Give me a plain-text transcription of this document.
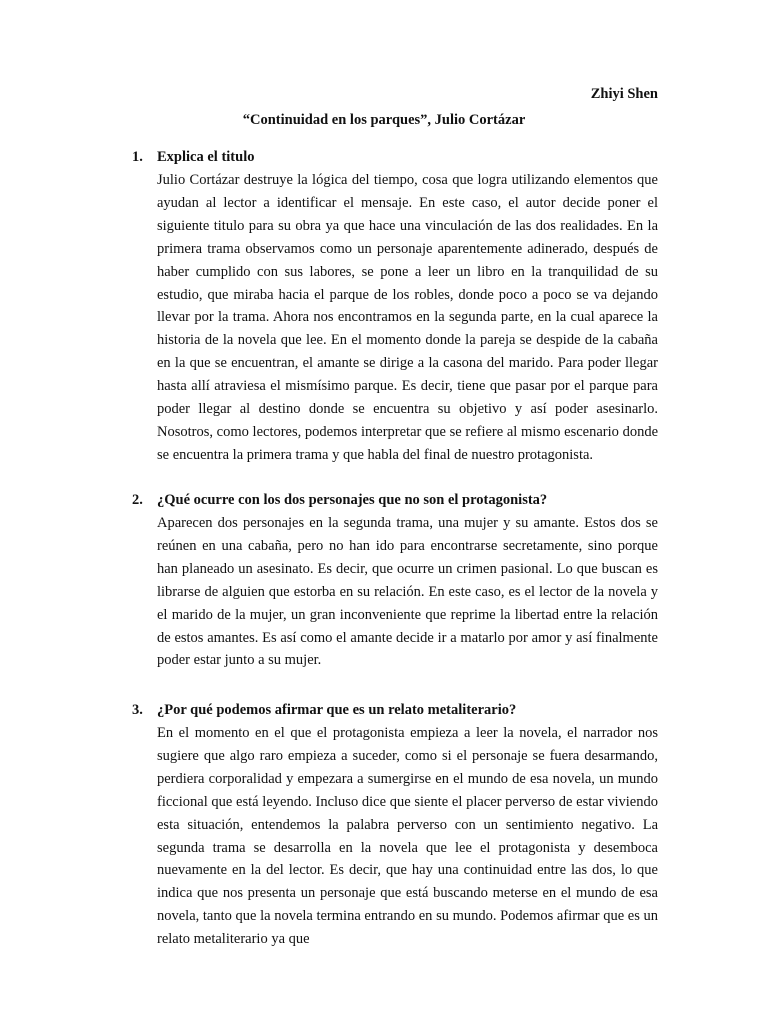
Zhiyi Shen
“Continuidad en los parques”, Julio Cortázar
1. Explica el titulo

Julio Cortázar destruye la lógica del tiempo, cosa que logra utilizando elementos que ayudan al lector a identificar el mensaje. En este caso, el autor decide poner el siguiente titulo para su obra ya que hace una vinculación de las dos realidades. En la primera trama observamos como un personaje aparentemente adinerado, después de haber cumplido con sus labores, se pone a leer un libro en la tranquilidad de su estudio, que miraba hacia el parque de los robles, donde poco a poco se va dejando llevar por la trama. Ahora nos encontramos en la segunda parte, en la cual aparece la historia de la novela que lee. En el momento donde la pareja se despide de la cabaña en la que se encuentran, el amante se dirige a la casona del marido. Para poder llegar hasta allí atraviesa el mismísimo parque. Es decir, tiene que pasar por el parque para poder llegar al destino donde se encuentra su objetivo y así poder asesinarlo. Nosotros, como lectores, podemos interpretar que se refiere al mismo escenario donde se encuentra la primera trama y que habla del final de nuestro protagonista.

2. ¿Qué ocurre con los dos personajes que no son el protagonista?

Aparecen dos personajes en la segunda trama, una mujer y su amante. Estos dos se reúnen en una cabaña, pero no han ido para encontrarse secretamente, sino porque han planeado un asesinato. Es decir, que ocurre un crimen pasional. Lo que buscan es librarse de alguien que estorba en su relación. En este caso, es el lector de la novela y el marido de la mujer, un gran inconveniente que reprime la libertad entre la relación de estos amantes. Es así como el amante decide ir a matarlo por amor y así finalmente poder estar junto a su mujer.

3. ¿Por qué podemos afirmar que es un relato metaliterario?

En el momento en el que el protagonista empieza a leer la novela, el narrador nos sugiere que algo raro empieza a suceder, como si el personaje se fuera desarmando, perdiera corporalidad y empezara a sumergirse en el mundo de esa novela, un mundo ficcional que está leyendo. Incluso dice que siente el placer perverso de estar viviendo esta situación, entendemos la palabra perverso con un sentimiento negativo. La segunda trama se desarrolla en la novela que lee el protagonista y desemboca nuevamente en la del lector. Es decir, que hay una continuidad entre las dos, lo que indica que nos presenta un personaje que está buscando meterse en el mundo de esa novela, tanto que la novela termina entrando en su mundo. Podemos afirmar que es un relato metaliterario ya que
